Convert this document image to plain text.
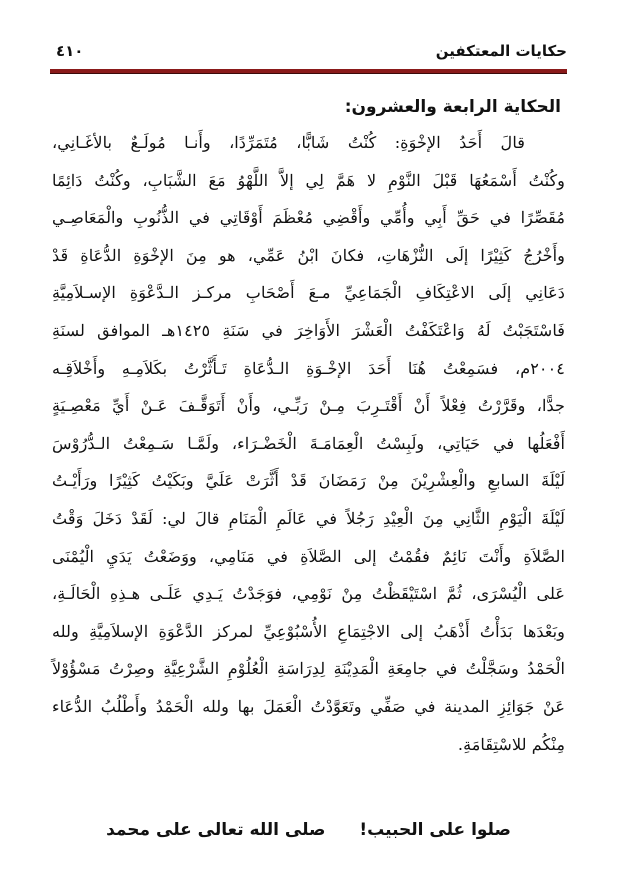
حكايات المعتكفين
٤١٠
الحكاية الرابعة والعشرون:
قالَ أَحَدُ الإخْوَةِ: كُنْتُ شَابًّا، مُتَمَرِّدًا، وأَنـا مُولَـعٌ بالأغَـانِي،
وكُنْتُ أَسْمَعُهَا قَبْلَ النَّوْمِ لا هَمَّ لِي إلاَّ اللَّهْوُ مَعَ الشَّبَابِ، وكُنْتُ دَائِمًا
مُقَصِّرًا في حَقِّ أَبِي وأُمِّي وأَقْضِي مُعْظَمَ أَوْقَاتِي في الذُّنُوبِ والْمَعَاصِـي
وأَخْرُجُ كَثِيْرًا إلَى النُّزْهَاتِ، فكانَ ابْنُ عَمِّي، هو مِنَ الإخْوَةِ الدُّعَاةِ قَدْ
دَعَانِي إلَى الاعْتِكَافِ الْجَمَاعِيِّ مـعَ أَصْحَابِ مركـز الـدَّعْوَةِ الإسـلاَمِيَّةِ
فَاسْتَجَبْتُ لَهُ وَاعْتَكَفْتُ الْعَشْرَ الأَوَاخِرَ في سَنَةِ ١٤٢٥هـ الموافق لسنَةِ
٢٠٠٤م، فسَمِعْتُ هُنَا أَحَدَ الإخْـوَةِ الـدُّعَاةِ تَـأَثَّرْتُ بكَلاَمِـهِ وأَخْلاَقِـه
جدًّا، وقَرَّرْتُ فِعْلاً أَنْ أَقْتَـرِبَ مِـنْ رَبِّـي، وأَنْ أَتَوَقَّـفَ عَـنْ أَيِّ مَعْصِـيَةٍ
أَفْعَلُها في حَيَاتِي، ولَبِسْتُ الْعِمَامَـةَ الْخَضْـرَاء، ولَمَّـا سَـمِعْتُ الـدُّرُوْسَ
لَيْلَةَ السابعِ والْعِشْرِيْنَ مِنْ رَمَضَانَ قَدْ أَثَّرَتْ عَلَيَّ وبَكَيْتُ كَثِيْرًا ورَأَيْـتُ
لَيْلَةَ الْيَوْمِ الثَّانِي مِنَ الْعِيْدِ رَجُلاً في عَالَمِ الْمَنَامِ قالَ لي: لَقَدْ دَخَلَ وَقْتُ
الصَّلاَةِ وأَنْتَ نَائِمٌ فقُمْتُ إلى الصَّلاَةِ في مَنَامِي، ووَضَعْتُ يَدَيِ الْيُمْنَى
عَلى الْيُسْرَى، ثُمَّ اسْتَيْقَظْتُ مِنْ نَوْمِي، فوَجَدْتُ يَـدِي عَلَـى هـذِهِ الْحَالَـةِ،
وبَعْدَها بَدَأْتُ أَذْهَبُ إلى الاجْتِمَاعِ الأُسْبُوْعِيِّ لمركز الدَّعْوَةِ الإسلاَمِيَّةِ ولله
الْحَمْدُ وسَجَّلْتُ في جامِعَةِ الْمَدِيْنَةِ لِدِرَاسَةِ الْعُلُوْمِ الشَّرْعِيَّةِ وصِرْتُ مَسْؤُوْلاً
عَنْ جَوَائِزِ المدينة في صَفِّي وتَعَوَّدْتُ الْعَمَلَ بها ولله الْحَمْدُ وأَطْلُبُ الدُّعَاء
مِنْكُم للاسْتِقَامَةِ.
صلوا على الحبيب! صلى الله تعالى على محمد
